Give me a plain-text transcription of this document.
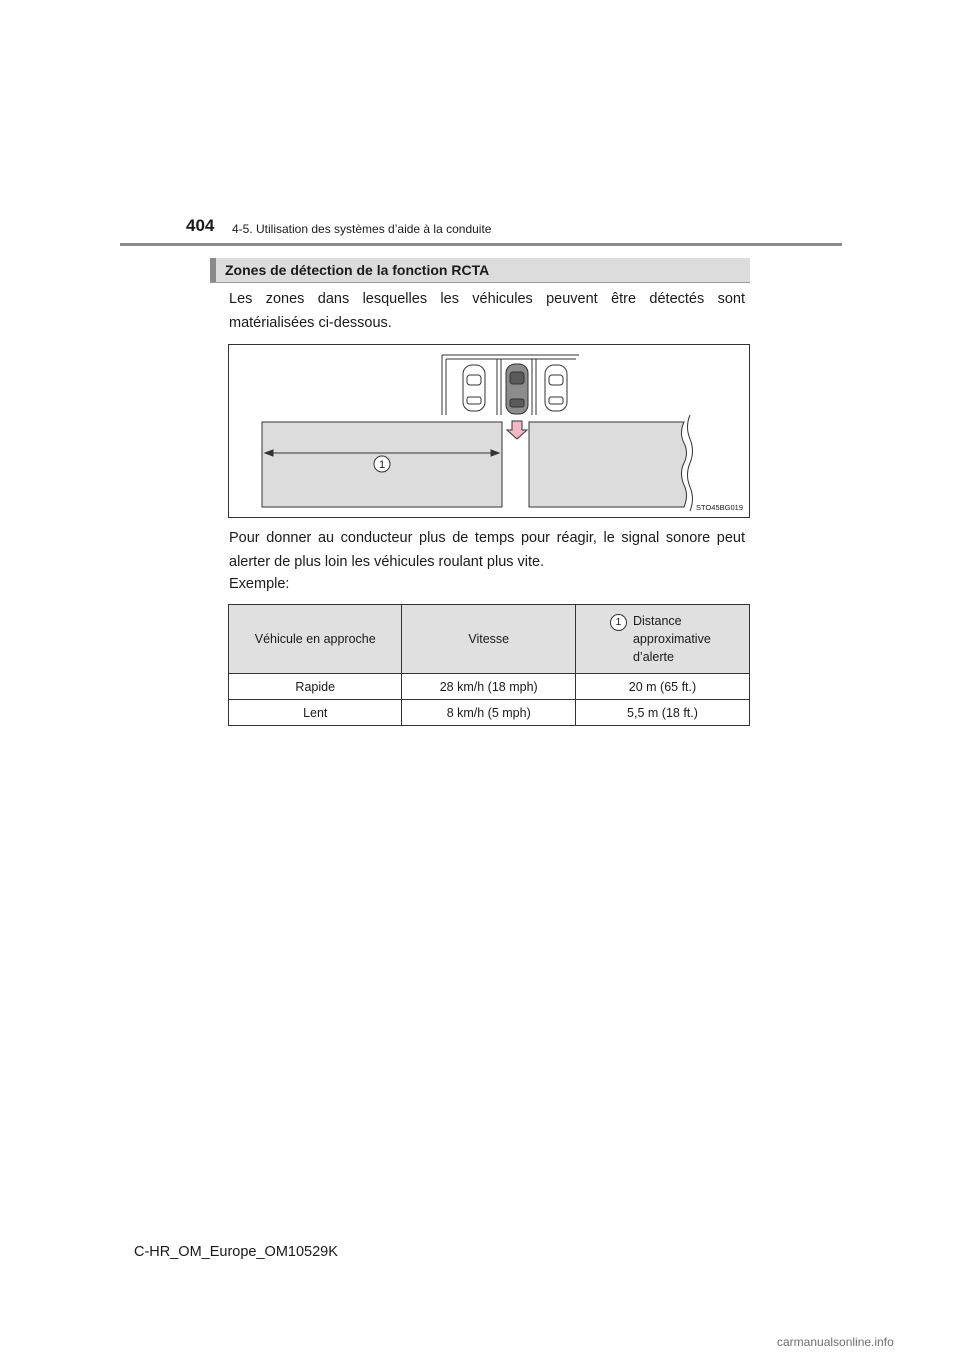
404 4-5. Utilisation des systèmes d’aide à la conduite
Zones de détection de la fonction RCTA
Les zones dans lesquelles les véhicules peuvent être détectés sont matérialisées ci-dessous.
1
STO45BG019
Pour donner au conducteur plus de temps pour réagir, le signal sonore peut alerter de plus loin les véhicules roulant plus vite.
Exemple:
Véhicule en approche	Vitesse	1 Distance approximative d’alerte
Rapide	28 km/h (18 mph)	20 m (65 ft.)
Lent	8 km/h (5 mph)	5,5 m (18 ft.)
C-HR_OM_Europe_OM10529K
carmanualsonline.info
